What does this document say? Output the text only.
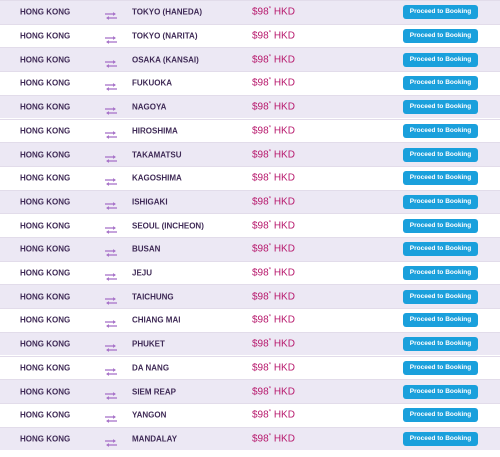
HONG KONG	TOKYO (HANEDA)	$98* HKD	Proceed to Booking
HONG KONG	TOKYO (NARITA)	$98* HKD	Proceed to Booking
HONG KONG	OSAKA (KANSAI)	$98* HKD	Proceed to Booking
HONG KONG	FUKUOKA	$98* HKD	Proceed to Booking
HONG KONG	NAGOYA	$98* HKD	Proceed to Booking
HONG KONG	HIROSHIMA	$98* HKD	Proceed to Booking
HONG KONG	TAKAMATSU	$98* HKD	Proceed to Booking
HONG KONG	KAGOSHIMA	$98* HKD	Proceed to Booking
HONG KONG	ISHIGAKI	$98* HKD	Proceed to Booking
HONG KONG	SEOUL (INCHEON)	$98* HKD	Proceed to Booking
HONG KONG	BUSAN	$98* HKD	Proceed to Booking
HONG KONG	JEJU	$98* HKD	Proceed to Booking
HONG KONG	TAICHUNG	$98* HKD	Proceed to Booking
HONG KONG	CHIANG MAI	$98* HKD	Proceed to Booking
HONG KONG	PHUKET	$98* HKD	Proceed to Booking
HONG KONG	DA NANG	$98* HKD	Proceed to Booking
HONG KONG	SIEM REAP	$98* HKD	Proceed to Booking
HONG KONG	YANGON	$98* HKD	Proceed to Booking
HONG KONG	MANDALAY	$98* HKD	Proceed to Booking
